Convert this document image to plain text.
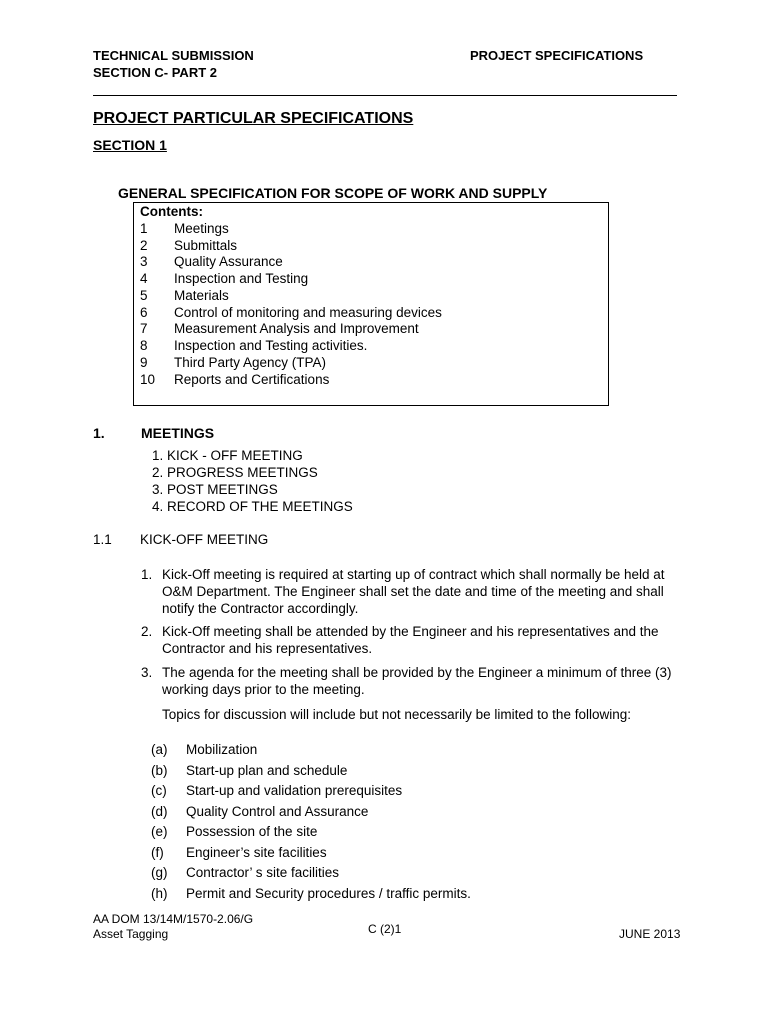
TECHNICAL SUBMISSION
SECTION C- PART 2
PROJECT SPECIFICATIONS
PROJECT PARTICULAR SPECIFICATIONS
SECTION 1
GENERAL SPECIFICATION FOR SCOPE OF WORK AND SUPPLY
Contents:
1	Meetings
2	Submittals
3	Quality Assurance
4	Inspection and Testing
5	Materials
6	Control of monitoring and measuring devices
7	Measurement Analysis and Improvement
8	Inspection and Testing activities.
9	Third Party Agency (TPA)
10	Reports and Certifications
1.	MEETINGS
1. KICK - OFF MEETING
2. PROGRESS MEETINGS
3. POST MEETINGS
4. RECORD OF THE MEETINGS
1.1 KICK-OFF MEETING
1. Kick-Off meeting is required at starting up of contract which shall normally be held at O&M Department. The Engineer shall set the date and time of the meeting and shall notify the Contractor accordingly.
2. Kick-Off meeting shall be attended by the Engineer and his representatives and the Contractor and his representatives.
3. The agenda for the meeting shall be provided by the Engineer a minimum of three (3) working days prior to the meeting.
Topics for discussion will include but not necessarily be limited to the following:
(a) Mobilization
(b) Start-up plan and schedule
(c) Start-up and validation prerequisites
(d) Quality Control and Assurance
(e) Possession of the site
(f) Engineer’s site facilities
(g) Contractor’ s site facilities
(h) Permit and Security procedures / traffic permits.
AA DOM 13/14M/1570-2.06/G
Asset Tagging	C (2)1	JUNE 2013
